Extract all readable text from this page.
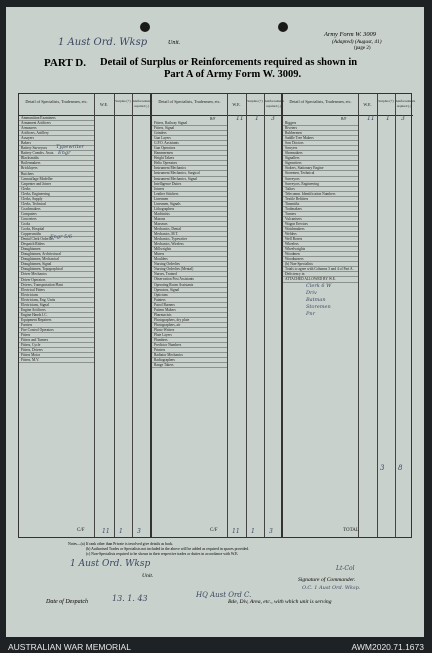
1 Aust Ord. Wksp	Unit.
Army Form W. 3009
(Adapted) (August, 41)
(page 2)
PART D. Detail of Surplus or Reinforcements required as shown in
Part A of Army Form W. 3009.
Detail of Specialists, Tradesmen, etc.
W.E.
Surplus (+) Reinforcements required (-)
Ammunition Examiners
Armament Artificers
Armourers
Artificers, Artillery
Assayers
Bakers
Battery Surveyors
Battery Comdrs. Assts.
Blacksmiths
Boilermakers
Bricklayers
Butchers
Camouflage Modeller
Carpenter and Joiner
Clerks
Clerks, Engineering
Clerks, Supply
Clerks, Technical
Coachmakers
Computers
Concreters
Cooks
Cooks, Hospital
Coppersmiths
Dental Clerk Orderlies
Despatch Riders
Draughtsmen
Draughtsmen, Architectural
Draughtsmen, Mechanical
Draughtsmen, Signal
Draughtsmen, Topographical
Driver Mechanics
Driver Operators
Drivers, Transportation Plant
Electrical Fitters
Electricians
Electricians, Eng. Units
Electricians, Signal
Engine Artificers
Engine Hands I.C.
Equipment Repairers
Farriers
Fire Control Operators
Fitters
Fitters and Turners
Fitters, Cycle
Fitters, Drivers
Fitters Motor
Fitters, M.V.
C/F
Detail of Specialists, Tradesmen, etc.
W.E.
Surplus (+) Reinforcements required (-)
B/F
Fitters, Railway Signal
Fitters, Signal
Grinders
Gun Layers
G.P.O. Assistants
Gun Operators
Hammermen
Height Takers
Helio Operators
Instrument Mechanics
Instrument Mechanics, Surgical
Instrument Mechanics, Signal
Intelligence Duties
Joiners
Leather Stitchers
Linesmen
Linesmen, Signals
Lithographers
Machinists
Masons
Masseurs
Mechanics, Dental
Mechanics, M.T.
Mechanics, Typewriter
Mechanics, Wireless
Millwrights
Miners
Moulders
Nursing Orderlies
Nursing Orderlies (Mental)
Nurses, Trained
Observation Post Assistants
Operating Room Assistants
Operators, Signal
Opticians
Painters
Patrol Burners
Pattern Makers
Pharmacists
Photographers, dry plate
Photographers, air
Photo-Writers
Plate Layers
Plumbers
Predictor Numbers
Printers
Radiator Mechanics
Radiographers
Range Takers
C/F
Detail of Specialists, Tradesmen, etc.
W.E.
Surplus (+) Reinforcements required (-)
B/F
Riggers
Riveters
Rubbermen
Saddle Tree Makers
Saw Doctors
Sawyers
Shoemakers
Signallers
Signwriters
Stokers, Stationary Engine
Storemen, Technical
Surveyors
Surveyors, Engineering
Tailors
Telecomm. Identification Numbers
Textile Refitters
Tinsmiths
Toolmakers
Turners
Vulcanisers
Wagon Erectors
Watchmakers
Welders
Well Borers
Wheelers
Wheelwrights
Woodmen
Woodturners
(b) Non-Specialists
Totals to agree with Columns 3 and 4 of Part A.
Deficiency in
ATTACHED ALLOWED BY W.E.
TOTAL
Typewriter
Engr
Engr 5/6
Clerk 6 W
Driv
Batman
Storemen
Pnr
11 1 3	11 1 3
11 1 3	11 1 3
3 8
Notes—(a) If rank other than Private is involved give details as back.
(b) Authorised Trades or Specialists not included in the above will be added as required in spaces provided.
(c) Non-Specialists required to be shown in their respective trades or duties in accordance with W.E.
1 Aust Ord. Wksp
Unit.
Lt-Col
Signature of Commander.
O.C. 1 Aust Ord. Wksp.
Date of Despatch	13. 1. 43	HQ Aust Ord C.
Bde, Div, Area, etc., with which unit is serving
AUSTRALIAN WAR MEMORIAL	AWM2020.71.1673
